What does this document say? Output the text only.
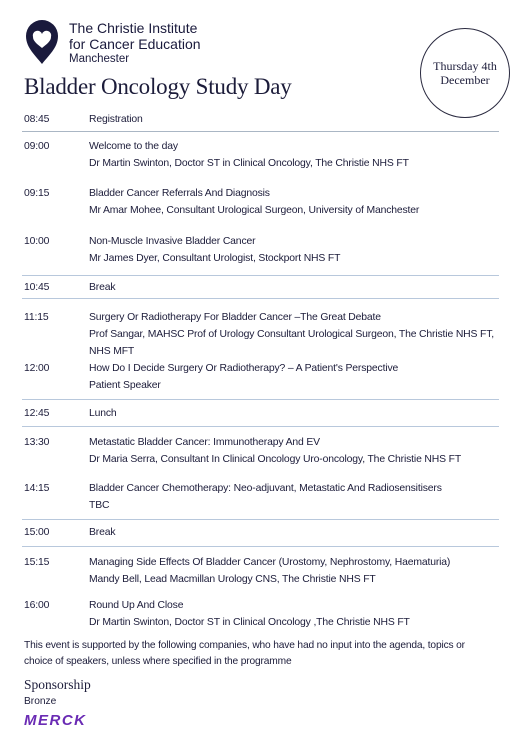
The Christie Institute
for Cancer Education
Manchester	Thursday 4th December
Bladder Oncology Study Day
08:45	Registration
09:00	Welcome to the day
Dr Martin Swinton, Doctor ST in Clinical Oncology, The Christie NHS FT
09:15	Bladder Cancer Referrals And Diagnosis
Mr Amar Mohee, Consultant Urological Surgeon, University of Manchester
10:00	Non-Muscle Invasive Bladder Cancer
Mr James Dyer, Consultant Urologist, Stockport NHS FT
10:45	Break
11:15	Surgery Or Radiotherapy For Bladder Cancer –The Great Debate
Prof Sangar, MAHSC Prof of Urology Consultant Urological Surgeon, The Christie NHS FT, NHS MFT
12:00	How Do I Decide Surgery Or Radiotherapy? – A Patient's Perspective
Patient Speaker
12:45	Lunch
13:30	Metastatic Bladder Cancer: Immunotherapy And EV
Dr Maria Serra, Consultant In Clinical Oncology Uro-oncology, The Christie NHS FT
14:15	Bladder Cancer Chemotherapy: Neo-adjuvant, Metastatic And Radiosensitisers
TBC
15:00	Break
15:15	Managing Side Effects Of Bladder Cancer (Urostomy, Nephrostomy, Haematuria)
Mandy Bell, Lead Macmillan Urology CNS, The Christie NHS FT
16:00	Round Up And Close
Dr Martin Swinton, Doctor ST in Clinical Oncology ,The Christie NHS FT
This event is supported by the following companies, who have had no input into the agenda, topics or choice of speakers, unless where specified in the programme
Sponsorship
Bronze
MERCK
